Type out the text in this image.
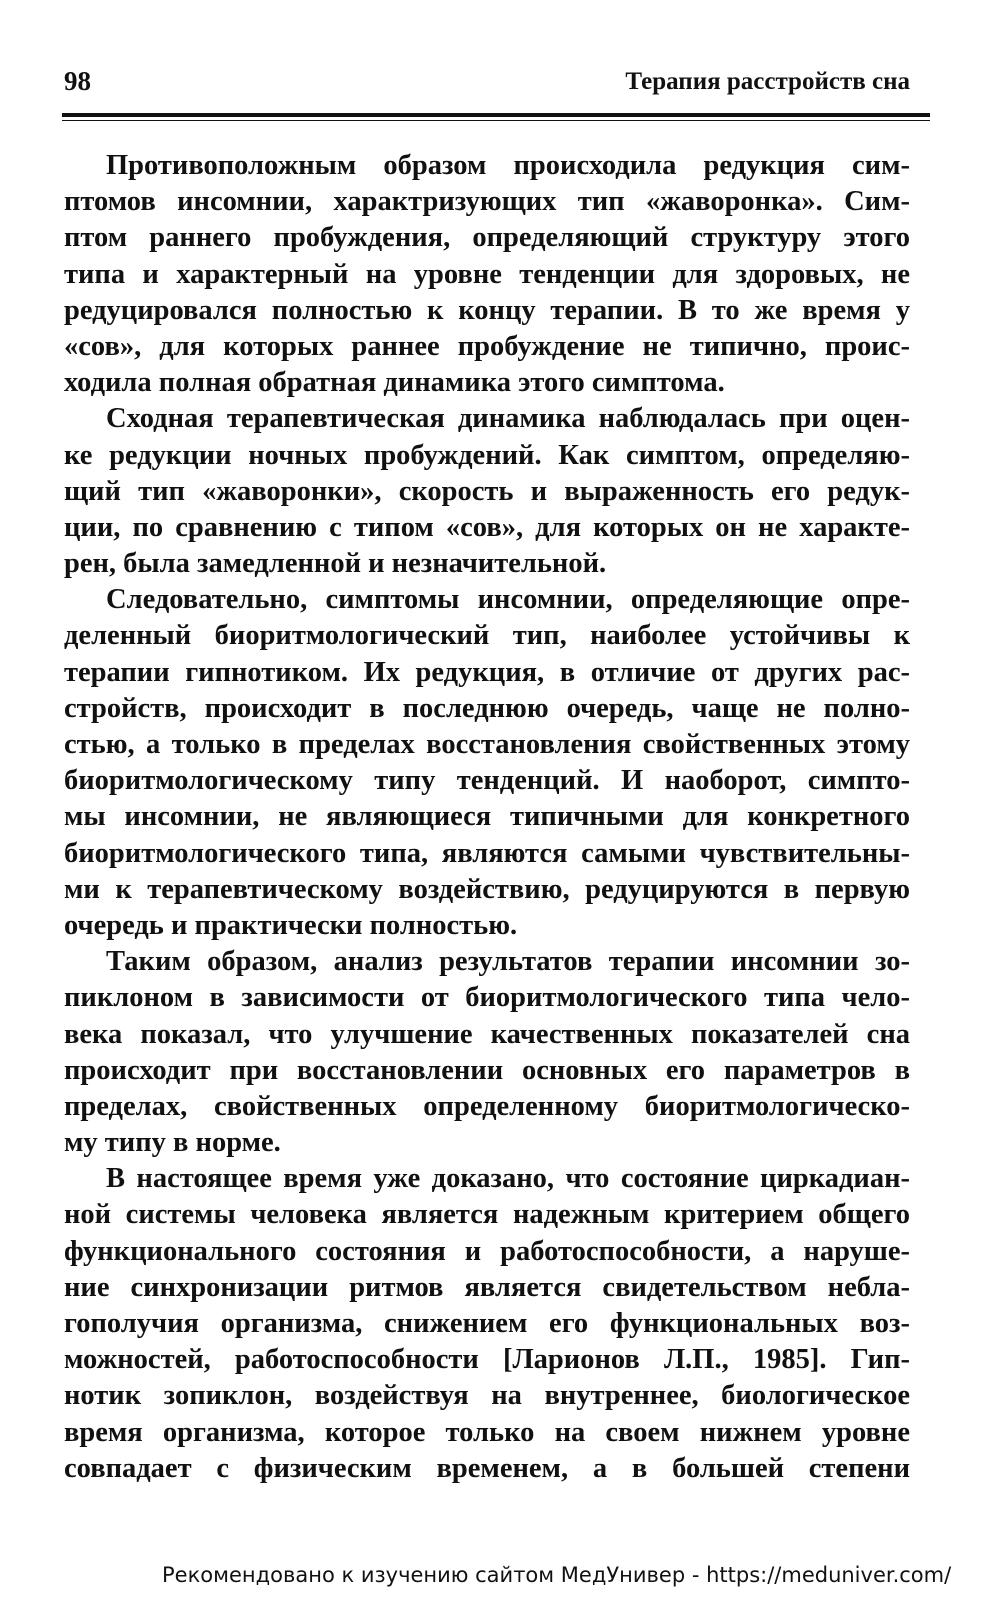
98	Терапия расстройств сна
Противоположным образом происходила редукция сим-
птомов инсомнии, характризующих тип «жаворонка». Сим-
птом раннего пробуждения, определяющий структуру этого
типа и характерный на уровне тенденции для здоровых, не
редуцировался полностью к концу терапии. В то же время у
«сов», для которых раннее пробуждение не типично, проис-
ходила полная обратная динамика этого симптома.
Сходная терапевтическая динамика наблюдалась при оцен-
ке редукции ночных пробуждений. Как симптом, определяю-
щий тип «жаворонки», скорость и выраженность его редук-
ции, по сравнению с типом «сов», для которых он не характе-
рен, была замедленной и незначительной.
Следовательно, симптомы инсомнии, определяющие опре-
деленный биоритмологический тип, наиболее устойчивы к
терапии гипнотиком. Их редукция, в отличие от других рас-
стройств, происходит в последнюю очередь, чаще не полно-
стью, а только в пределах восстановления свойственных этому
биоритмологическому типу тенденций. И наоборот, симпто-
мы инсомнии, не являющиеся типичными для конкретного
биоритмологического типа, являются самыми чувствительны-
ми к терапевтическому воздействию, редуцируются в первую
очередь и практически полностью.
Таким образом, анализ результатов терапии инсомнии зо-
пиклоном в зависимости от биоритмологического типа чело-
века показал, что улучшение качественных показателей сна
происходит при восстановлении основных его параметров в
пределах, свойственных определенному биоритмологическо-
му типу в норме.
В настоящее время уже доказано, что состояние циркадиан-
ной системы человека является надежным критерием общего
функционального состояния и работоспособности, а наруше-
ние синхронизации ритмов является свидетельством небла-
гополучия организма, снижением его функциональных воз-
можностей, работоспособности [Ларионов Л.П., 1985]. Гип-
нотик зопиклон, воздействуя на внутреннее, биологическое
время организма, которое только на своем нижнем уровне
совпадает с физическим временем, а в большей степени
Рекомендовано к изучению сайтом МедУнивер - https://meduniver.com/
